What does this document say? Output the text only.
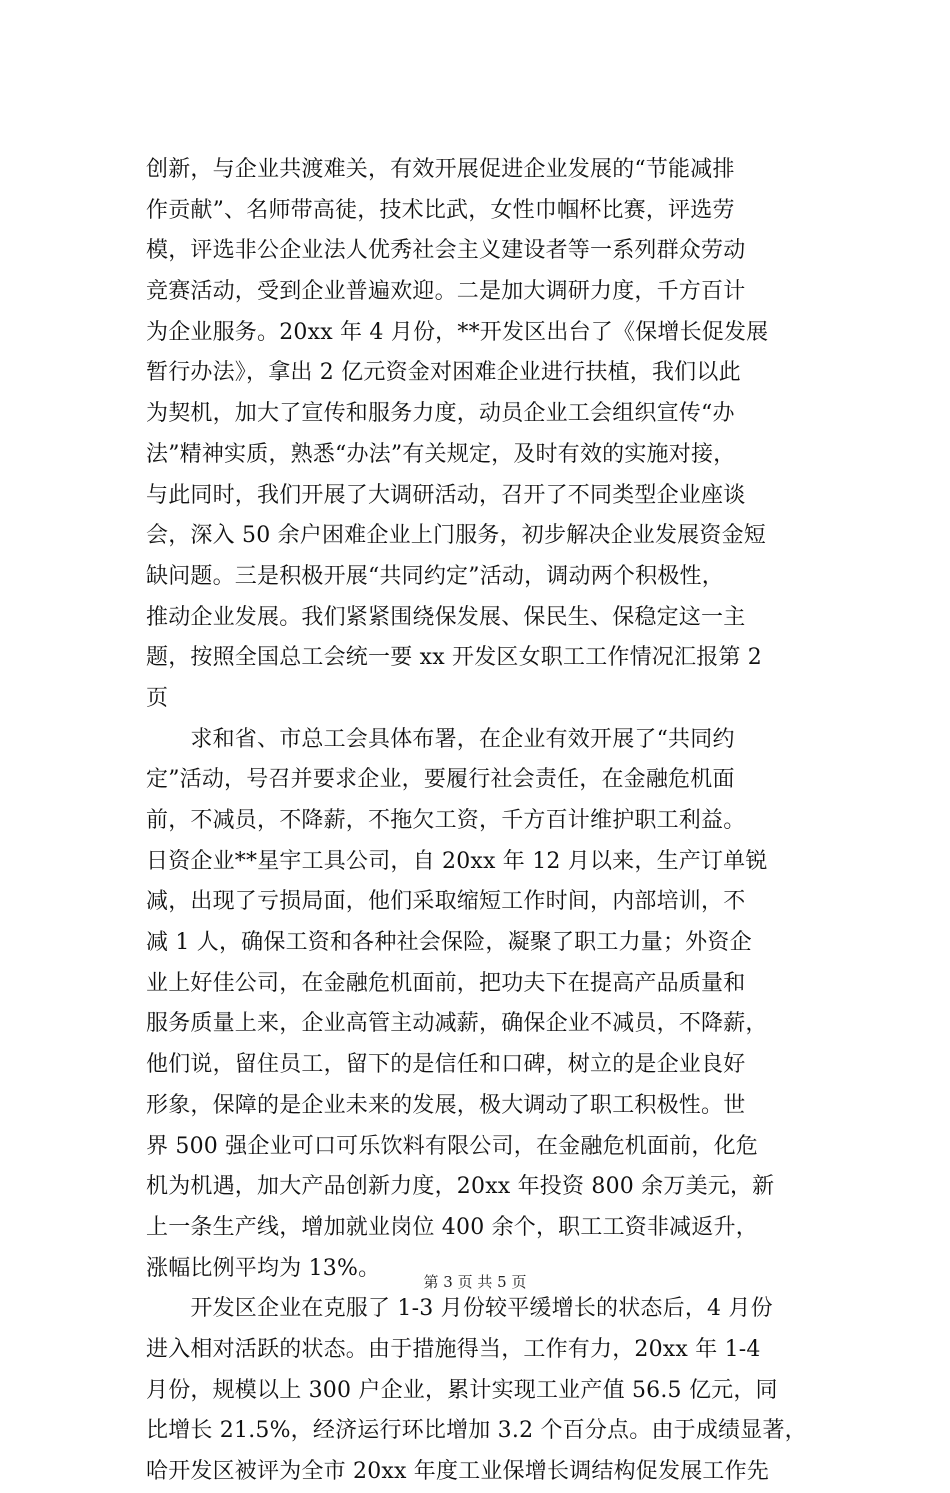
创新，与企业共渡难关，有效开展促进企业发展的“节能减排
作贡献”、名师带高徒，技术比武，女性巾帼杯比赛，评选劳
模，评选非公企业法人优秀社会主义建设者等一系列群众劳动
竞赛活动，受到企业普遍欢迎。二是加大调研力度，千方百计
为企业服务。20xx 年 4 月份，**开发区出台了《保增长促发展
暂行办法》，拿出 2 亿元资金对困难企业进行扶植，我们以此
为契机，加大了宣传和服务力度，动员企业工会组织宣传“办
法”精神实质，熟悉“办法”有关规定，及时有效的实施对接，
与此同时，我们开展了大调研活动，召开了不同类型企业座谈
会，深入 50 余户困难企业上门服务，初步解决企业发展资金短
缺问题。三是积极开展“共同约定”活动，调动两个积极性，
推动企业发展。我们紧紧围绕保发展、保民生、保稳定这一主
题，按照全国总工会统一要 xx 开发区女职工工作情况汇报第 2
页
　　求和省、市总工会具体布署，在企业有效开展了“共同约
定”活动，号召并要求企业，要履行社会责任，在金融危机面
前，不减员，不降薪，不拖欠工资，千方百计维护职工利益。
日资企业**星宇工具公司，自 20xx 年 12 月以来，生产订单锐
减，出现了亏损局面，他们采取缩短工作时间，内部培训，不
减 1 人，确保工资和各种社会保险，凝聚了职工力量；外资企
业上好佳公司，在金融危机面前，把功夫下在提高产品质量和
服务质量上来，企业高管主动减薪，确保企业不减员，不降薪，
他们说，留住员工，留下的是信任和口碑，树立的是企业良好
形象，保障的是企业未来的发展，极大调动了职工积极性。世
界 500 强企业可口可乐饮料有限公司，在金融危机面前，化危
机为机遇，加大产品创新力度，20xx 年投资 800 余万美元，新
上一条生产线，增加就业岗位 400 余个，职工工资非减返升，
涨幅比例平均为 13%。
　　开发区企业在克服了 1-3 月份较平缓增长的状态后，4 月份
进入相对活跃的状态。由于措施得当，工作有力，20xx 年 1-4
月份，规模以上 300 户企业，累计实现工业产值 56.5 亿元，同
比增长 21.5%，经济运行环比增加 3.2 个百分点。由于成绩显著，
哈开发区被评为全市 20xx 年度工业保增长调结构促发展工作先
第 3 页 共 5 页
